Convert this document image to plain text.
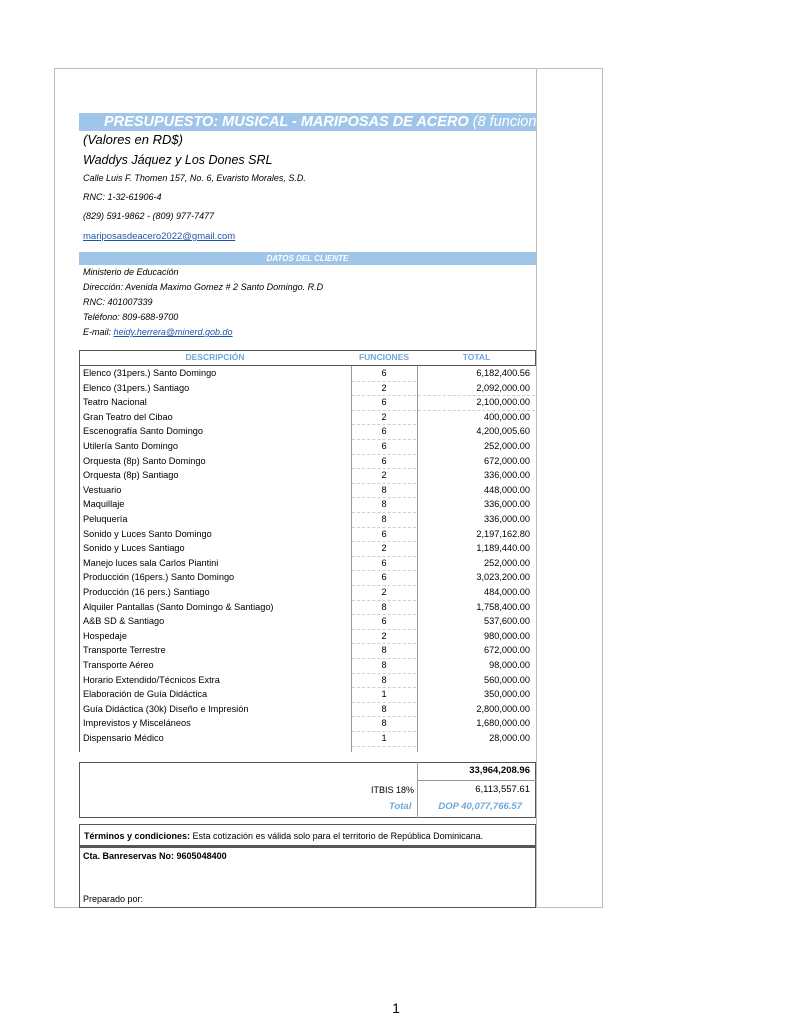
PRESUPUESTO: MUSICAL - MARIPOSAS DE ACERO (8 funciones)
(Valores en RD$)
Waddys Jáquez y Los Dones SRL
Calle Luis F. Thomen 157, No. 6, Evaristo Morales, S.D.
RNC: 1-32-61906-4
(829) 591-9862 - (809) 977-7477
mariposasdeacero2022@gmail.com
DATOS DEL CLIENTE
Ministerio de Educación
Dirección: Avenida Maximo Gomez # 2 Santo Domingo. R.D
RNC: 401007339
Teléfono: 809-688-9700
E-mail: heidy.herrera@minerd.gob.do
DESCRIPCIÓN	FUNCIONES	TOTAL
Elenco (31pers.) Santo Domingo	6	6,182,400.56
Elenco (31pers.) Santiago	2	2,092,000.00
Teatro Nacional	6	2,100,000.00
Gran Teatro del Cibao	2	400,000.00
Escenografía Santo Domingo	6	4,200,005.60
Utilería Santo Domingo	6	252,000.00
Orquesta (8p) Santo Domingo	6	672,000.00
Orquesta (8p) Santiago	2	336,000.00
Vestuario	8	448,000.00
Maquillaje	8	336,000.00
Peluquería	8	336,000.00
Sonido y Luces Santo Domingo	6	2,197,162.80
Sonido y Luces Santiago	2	1,189,440.00
Manejo luces sala Carlos Piantini	6	252,000.00
Producción (16pers.) Santo Domingo	6	3,023,200.00
Producción (16 pers.) Santiago	2	484,000.00
Alquiler Pantallas (Santo Domingo & Santiago)	8	1,758,400.00
A&B SD & Santiago	6	537,600.00
Hospedaje	2	980,000.00
Transporte Terrestre	8	672,000.00
Transporte Aéreo	8	98,000.00
Horario Extendido/Técnicos Extra	8	560,000.00
Elaboración de Guía Didáctica	1	350,000.00
Guía Didáctica (30k) Diseño e Impresión	8	2,800,000.00
Imprevistos y Misceláneos	8	1,680,000.00
Dispensario Médico	1	28,000.00
33,964,208.96
ITBIS 18%	6,113,557.61
Total	DOP 40,077,766.57
Términos y condiciones: Esta cotización es válida solo para el territorio de República Dominicana.
Cta. Banreservas No: 9605048400
Preparado por:
1
